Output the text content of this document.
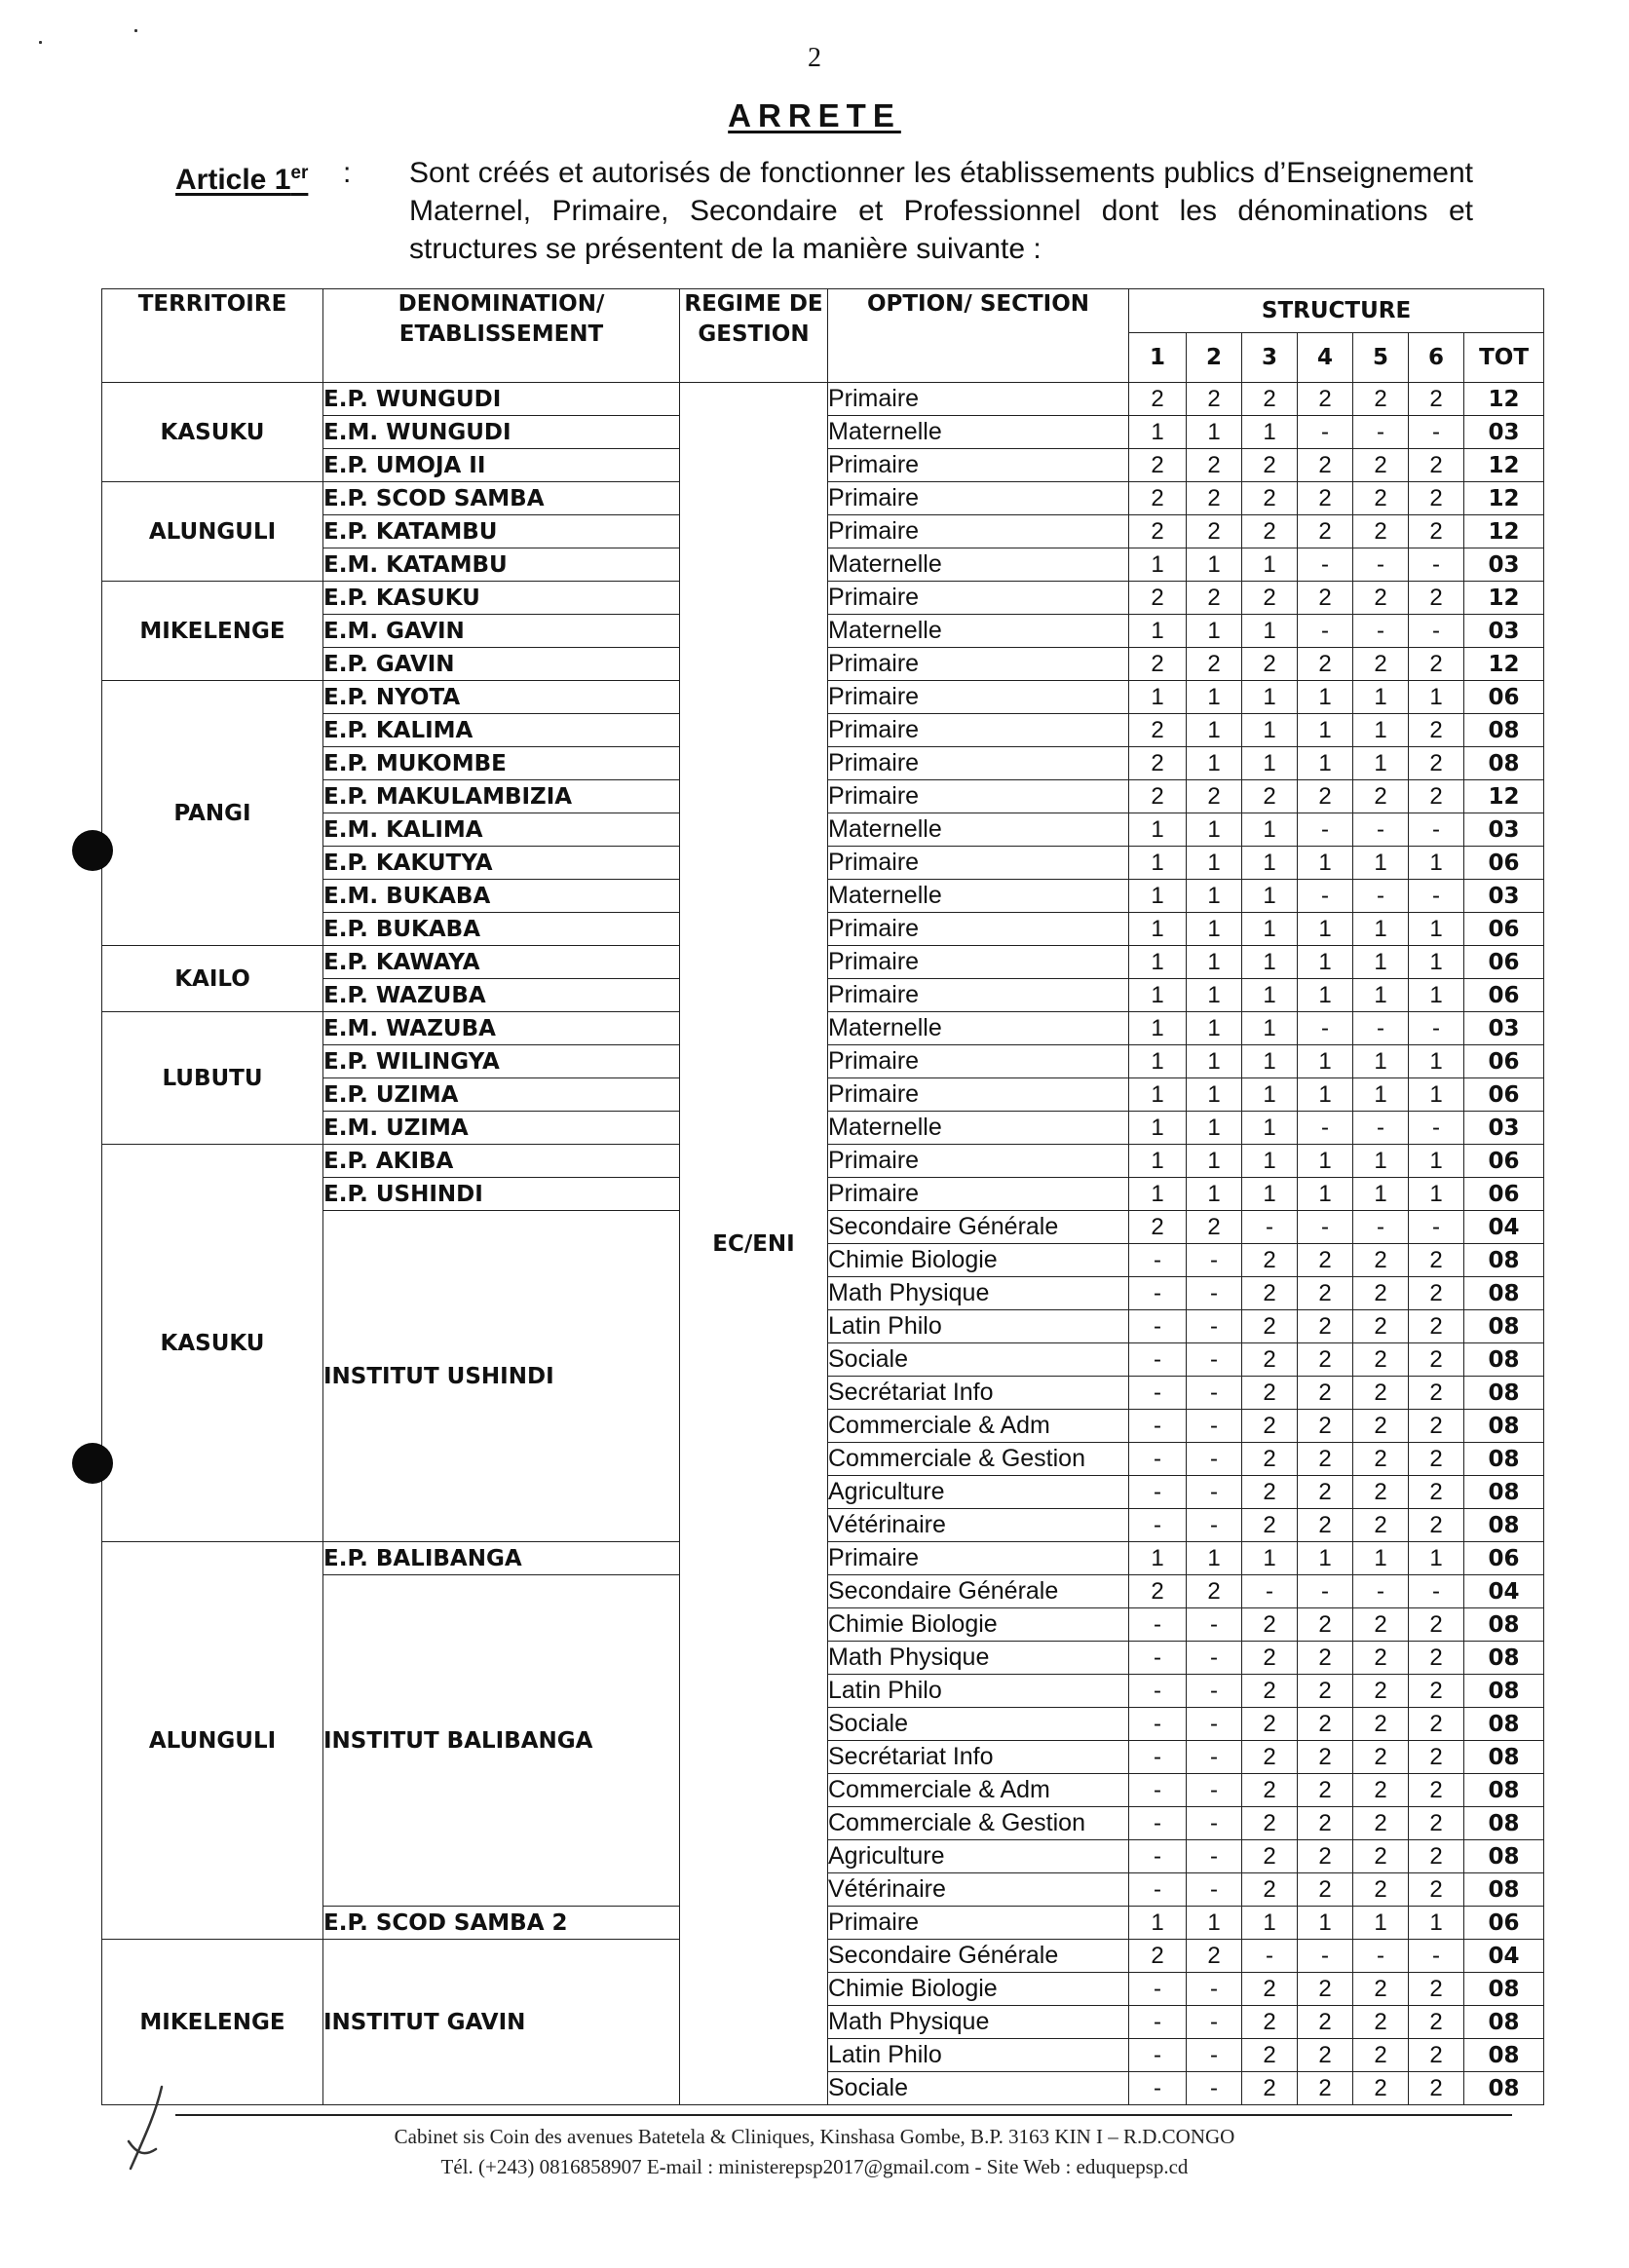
2
ARRETE
Article 1er : Sont créés et autorisés de fonctionner les établissements publics d’Enseignement Maternel, Primaire, Secondaire et Professionnel dont les dénominations et structures se présentent de la manière suivante :
TERRITOIRE	DENOMINATION/ ETABLISSEMENT	REGIME DE GESTION	OPTION/ SECTION	STRUCTURE						
				1	2	3	4	5	6	TOT
KASUKU	E.P. WUNGUDI	EC/ENI	Primaire	2	2	2	2	2	2	12
	E.M. WUNGUDI		Maternelle	1	1	1	-	-	-	03
	E.P. UMOJA II		Primaire	2	2	2	2	2	2	12
ALUNGULI	E.P. SCOD SAMBA		Primaire	2	2	2	2	2	2	12
	E.P. KATAMBU		Primaire	2	2	2	2	2	2	12
	E.M. KATAMBU		Maternelle	1	1	1	-	-	-	03
MIKELENGE	E.P. KASUKU		Primaire	2	2	2	2	2	2	12
	E.M. GAVIN		Maternelle	1	1	1	-	-	-	03
	E.P. GAVIN		Primaire	2	2	2	2	2	2	12
PANGI	E.P. NYOTA		Primaire	1	1	1	1	1	1	06
	E.P. KALIMA		Primaire	2	1	1	1	1	2	08
	E.P. MUKOMBE		Primaire	2	1	1	1	1	2	08
	E.P. MAKULAMBIZIA		Primaire	2	2	2	2	2	2	12
	E.M. KALIMA		Maternelle	1	1	1	-	-	-	03
	E.P. KAKUTYA		Primaire	1	1	1	1	1	1	06
	E.M. BUKABA		Maternelle	1	1	1	-	-	-	03
	E.P. BUKABA		Primaire	1	1	1	1	1	1	06
KAILO	E.P. KAWAYA		Primaire	1	1	1	1	1	1	06
	E.P. WAZUBA		Primaire	1	1	1	1	1	1	06
LUBUTU	E.M. WAZUBA		Maternelle	1	1	1	-	-	-	03
	E.P. WILINGYA		Primaire	1	1	1	1	1	1	06
	E.P. UZIMA		Primaire	1	1	1	1	1	1	06
	E.M. UZIMA		Maternelle	1	1	1	-	-	-	03
KASUKU	E.P. AKIBA		Primaire	1	1	1	1	1	1	06
	E.P. USHINDI		Primaire	1	1	1	1	1	1	06
	INSTITUT USHINDI		Secondaire Générale	2	2	-	-	-	-	04
			Chimie Biologie	-	-	2	2	2	2	08
			Math Physique	-	-	2	2	2	2	08
			Latin Philo	-	-	2	2	2	2	08
			Sociale	-	-	2	2	2	2	08
			Secrétariat Info	-	-	2	2	2	2	08
			Commerciale & Adm	-	-	2	2	2	2	08
			Commerciale & Gestion	-	-	2	2	2	2	08
			Agriculture	-	-	2	2	2	2	08
			Vétérinaire	-	-	2	2	2	2	08
ALUNGULI	E.P. BALIBANGA		Primaire	1	1	1	1	1	1	06
	INSTITUT BALIBANGA		Secondaire Générale	2	2	-	-	-	-	04
			Chimie Biologie	-	-	2	2	2	2	08
			Math Physique	-	-	2	2	2	2	08
			Latin Philo	-	-	2	2	2	2	08
			Sociale	-	-	2	2	2	2	08
			Secrétariat Info	-	-	2	2	2	2	08
			Commerciale & Adm	-	-	2	2	2	2	08
			Commerciale & Gestion	-	-	2	2	2	2	08
			Agriculture	-	-	2	2	2	2	08
			Vétérinaire	-	-	2	2	2	2	08
	E.P. SCOD SAMBA 2		Primaire	1	1	1	1	1	1	06
MIKELENGE	INSTITUT GAVIN		Secondaire Générale	2	2	-	-	-	-	04
			Chimie Biologie	-	-	2	2	2	2	08
			Math Physique	-	-	2	2	2	2	08
			Latin Philo	-	-	2	2	2	2	08
			Sociale	-	-	2	2	2	2	08
Cabinet sis Coin des avenues Batetela & Cliniques, Kinshasa Gombe, B.P. 3163 KIN I – R.D.CONGO
Tél. (+243) 0816858907 E-mail : ministerepsp2017@gmail.com - Site Web : eduquepsp.cd
